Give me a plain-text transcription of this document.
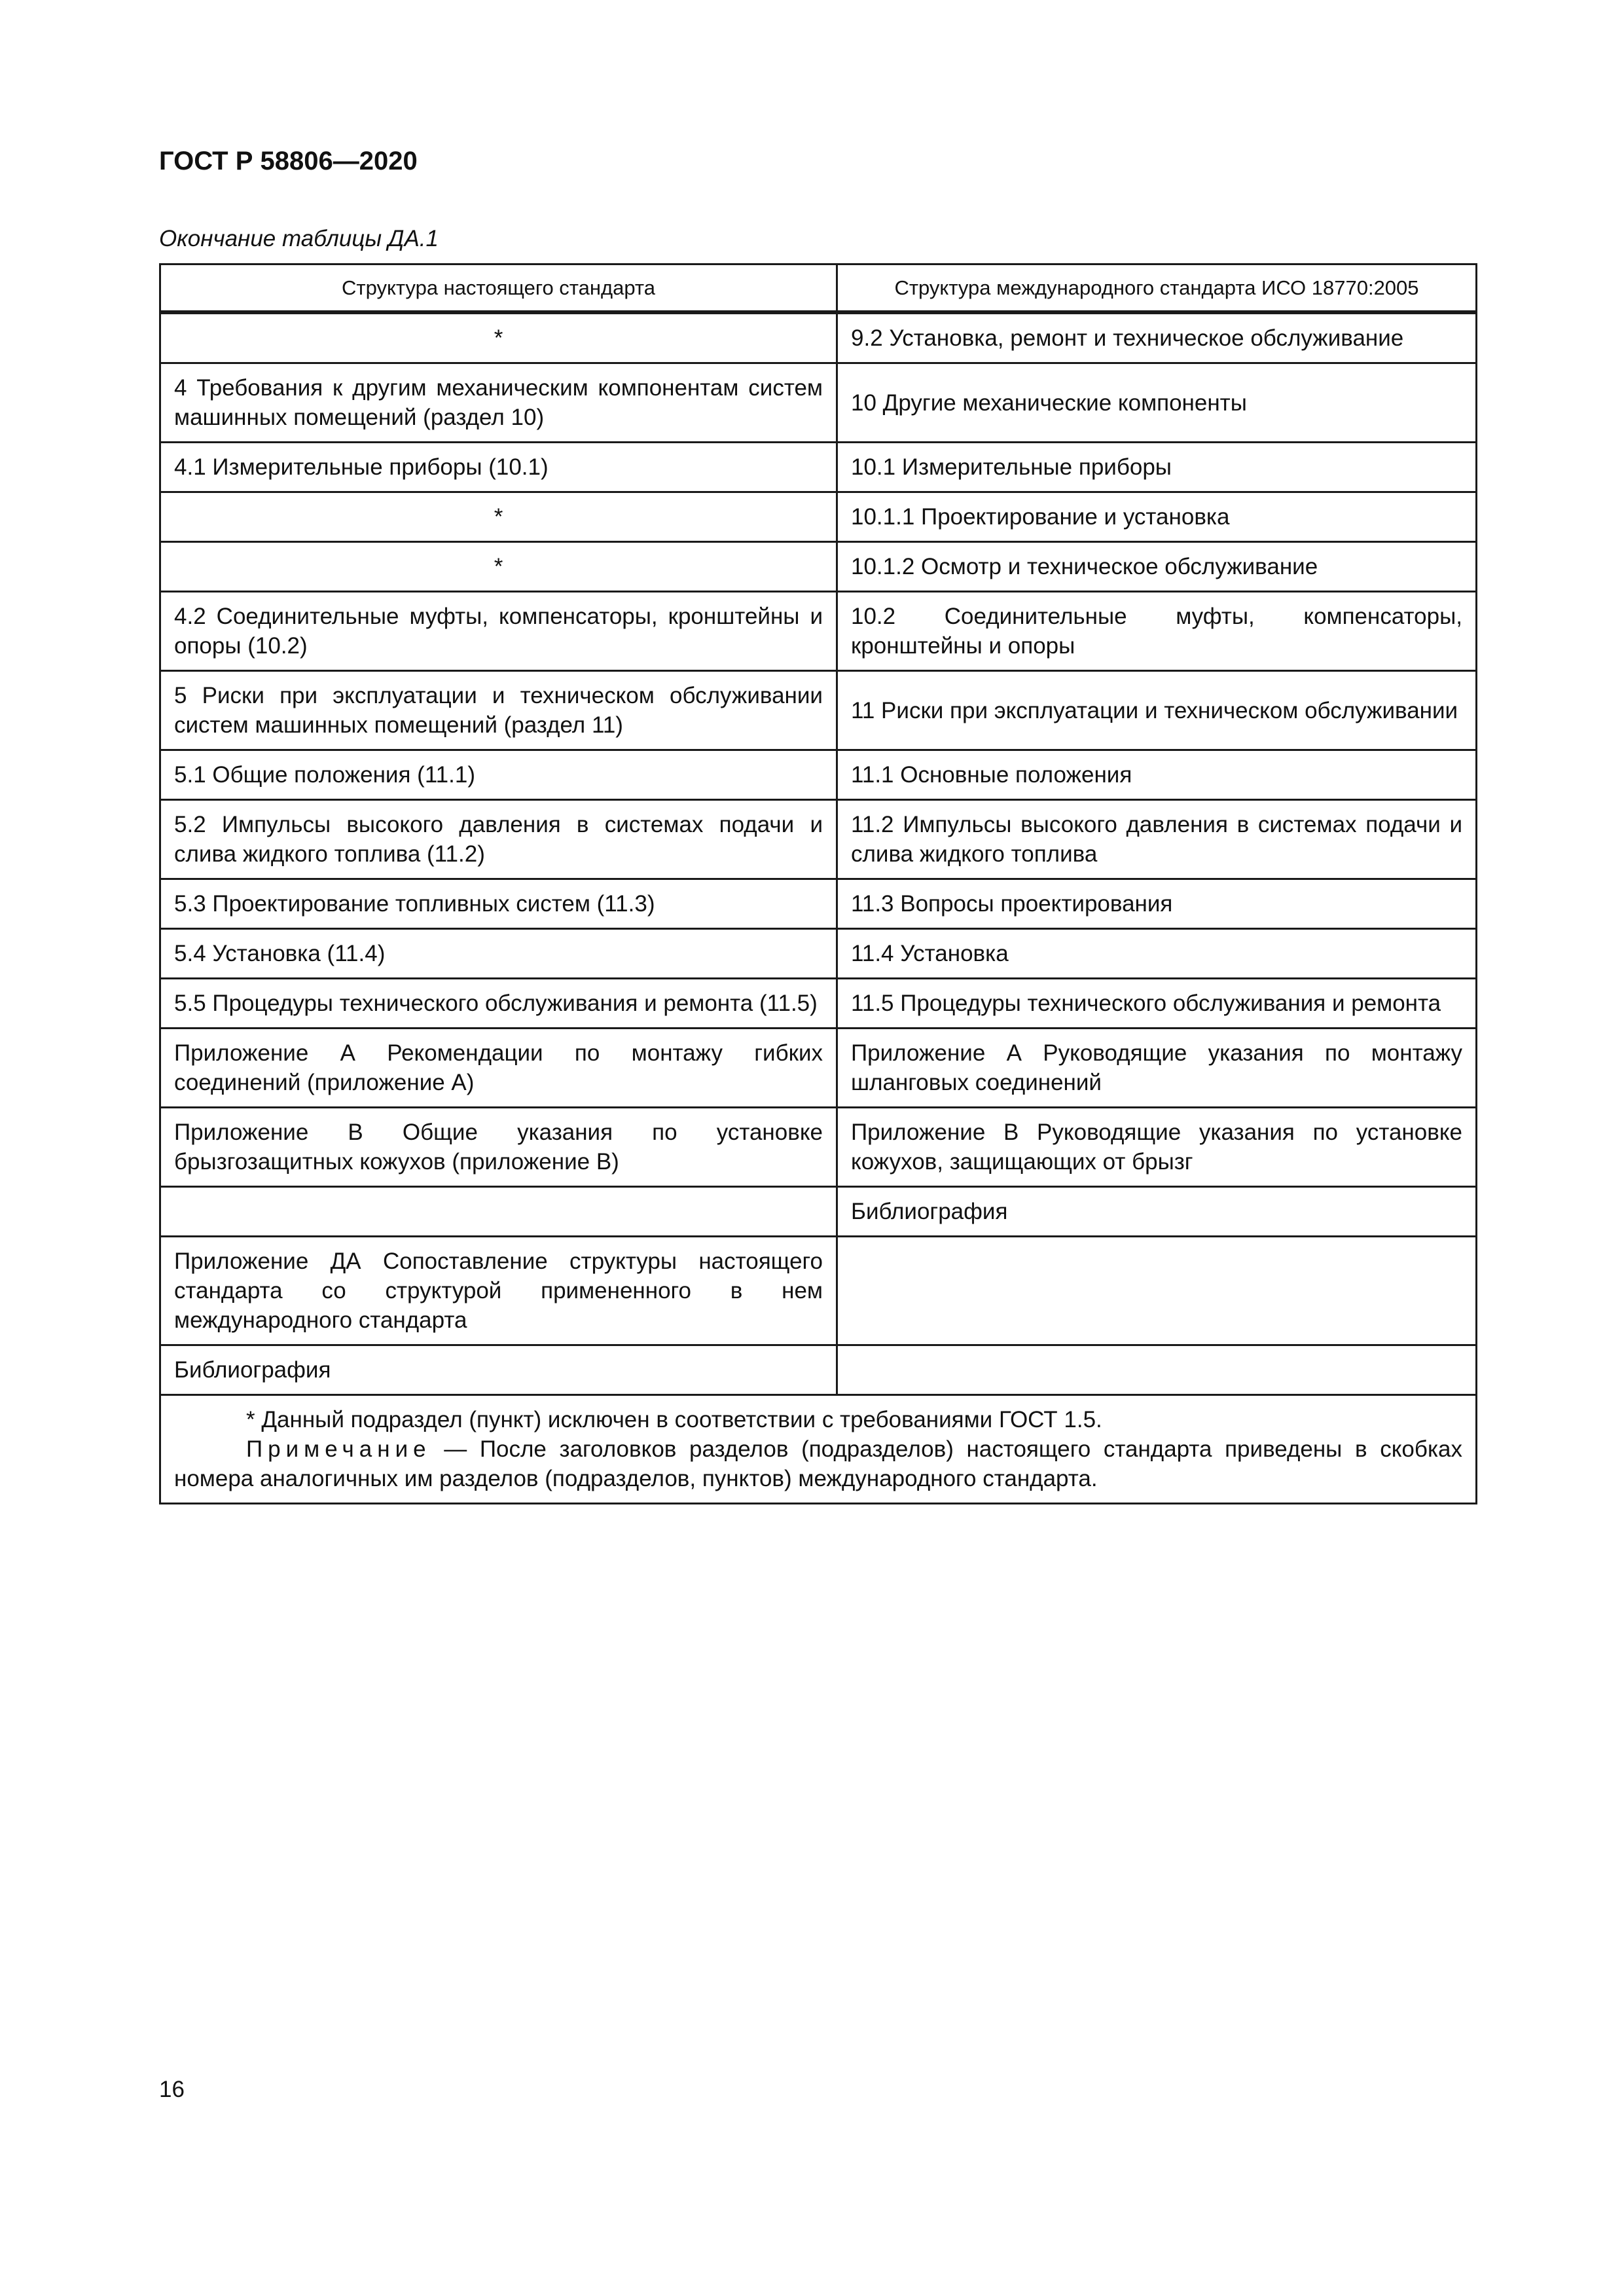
ГОСТ Р 58806—2020
Окончание таблицы ДА.1
Структура настоящего стандарта	Структура международного стандарта ИСО 18770:2005
*	9.2 Установка, ремонт и техническое обслуживание
4 Требования к другим механическим компонентам систем машинных помещений (раздел 10)	10 Другие механические компоненты
4.1 Измерительные приборы (10.1)	10.1 Измерительные приборы
*	10.1.1 Проектирование и установка
*	10.1.2 Осмотр и техническое обслуживание
4.2 Соединительные муфты, компенсаторы, кронштейны и опоры (10.2)	10.2 Соединительные муфты, компенсаторы, кронштейны и опоры
5 Риски при эксплуатации и техническом обслуживании систем машинных помещений (раздел 11)	11 Риски при эксплуатации и техническом обслуживании
5.1 Общие положения (11.1)	11.1 Основные положения
5.2 Импульсы высокого давления в системах подачи и слива жидкого топлива (11.2)	11.2 Импульсы высокого давления в системах подачи и слива жидкого топлива
5.3 Проектирование топливных систем (11.3)	11.3 Вопросы проектирования
5.4 Установка (11.4)	11.4 Установка
5.5 Процедуры технического обслуживания и ремонта (11.5)	11.5 Процедуры технического обслуживания и ремонта
Приложение А Рекомендации по монтажу гибких соединений (приложение А)	Приложение А Руководящие указания по монтажу шланговых соединений
Приложение В Общие указания по установке брызгозащитных кожухов (приложение В)	Приложение В Руководящие указания по установке кожухов, защищающих от брызг
	Библиография
Приложение ДА Сопоставление структуры настоящего стандарта со структурой примененного в нем международного стандарта	
Библиография	

* Данный подраздел (пункт) исключен в соответствии с требованиями ГОСТ 1.5.
Примечание — После заголовков разделов (подразделов) настоящего стандарта приведены в скобках номера аналогичных им разделов (подразделов, пунктов) международного стандарта.	
16
